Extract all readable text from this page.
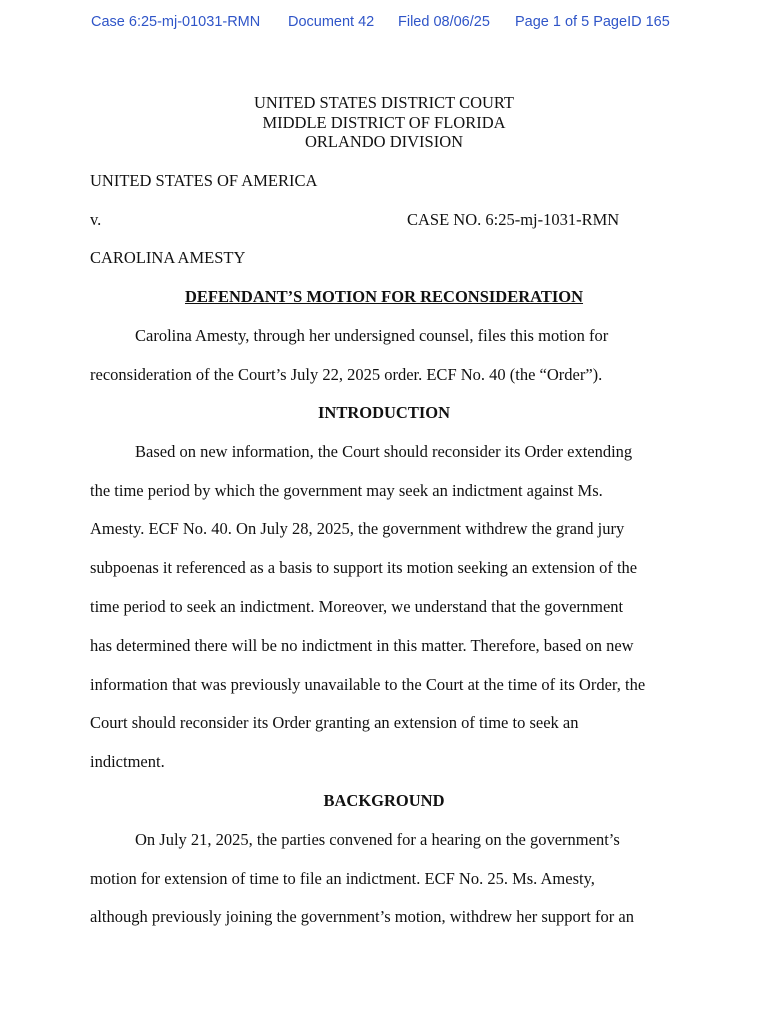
Case 6:25-mj-01031-RMN Document 42 Filed 08/06/25 Page 1 of 5 PageID 165
UNITED STATES DISTRICT COURT
MIDDLE DISTRICT OF FLORIDA
ORLANDO DIVISION
UNITED STATES OF AMERICA
v.	CASE NO. 6:25-mj-1031-RMN
CAROLINA AMESTY
DEFENDANT’S MOTION FOR RECONSIDERATION
Carolina Amesty, through her undersigned counsel, files this motion for
reconsideration of the Court’s July 22, 2025 order. ECF No. 40 (the “Order”).
INTRODUCTION
Based on new information, the Court should reconsider its Order extending
the time period by which the government may seek an indictment against Ms.
Amesty. ECF No. 40. On July 28, 2025, the government withdrew the grand jury
subpoenas it referenced as a basis to support its motion seeking an extension of the
time period to seek an indictment. Moreover, we understand that the government
has determined there will be no indictment in this matter. Therefore, based on new
information that was previously unavailable to the Court at the time of its Order, the
Court should reconsider its Order granting an extension of time to seek an
indictment.
BACKGROUND
On July 21, 2025, the parties convened for a hearing on the government’s
motion for extension of time to file an indictment. ECF No. 25. Ms. Amesty,
although previously joining the government’s motion, withdrew her support for an
